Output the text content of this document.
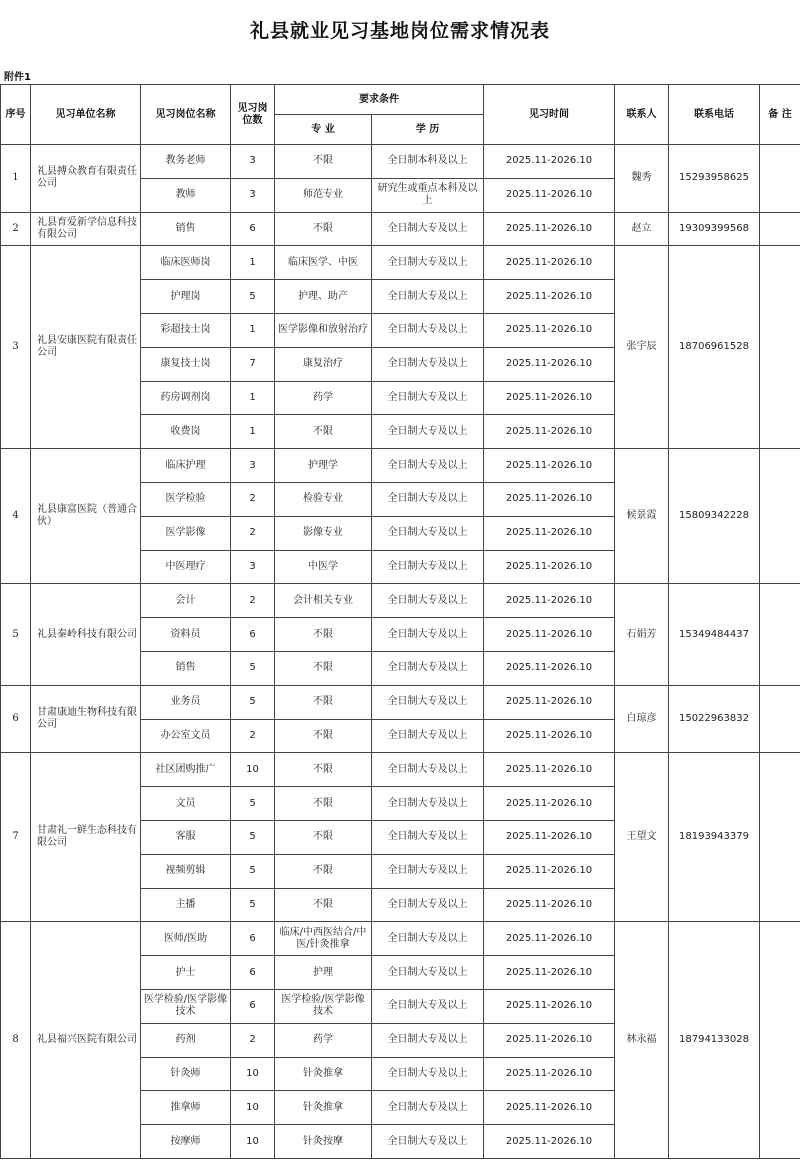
礼县就业见习基地岗位需求情况表
附件1
序号	见习单位名称	见习岗位名称	见习岗位数	要求条件		见习时间	联系人	联系电话	备 注
				专 业	学 历				
1	礼县搏众教育有限责任公司	教务老师	3	不限	全日制本科及以上	2025.11-2026.10	魏秀	15293958625	
		教师	3	师范专业	研究生或重点本科及以上	2025.11-2026.10			
2	礼县育爱新学信息科技有限公司	销售	6	不限	全日制大专及以上	2025.11-2026.10	赵立	19309399568	
3	礼县安康医院有限责任公司	临床医师岗	1	临床医学、中医	全日制大专及以上	2025.11-2026.10	张宇辰	18706961528	
		护理岗	5	护理、助产	全日制大专及以上	2025.11-2026.10			
		彩超技士岗	1	医学影像和放射治疗	全日制大专及以上	2025.11-2026.10			
		康复技士岗	7	康复治疗	全日制大专及以上	2025.11-2026.10			
		药房调剂岗	1	药学	全日制大专及以上	2025.11-2026.10			
		收费岗	1	不限	全日制大专及以上	2025.11-2026.10			
4	礼县康富医院（普通合伙）	临床护理	3	护理学	全日制大专及以上	2025.11-2026.10	候景霞	15809342228	
		医学检验	2	检验专业	全日制大专及以上	2025.11-2026.10			
		医学影像	2	影像专业	全日制大专及以上	2025.11-2026.10			
		中医理疗	3	中医学	全日制大专及以上	2025.11-2026.10			
5	礼县秦岭科技有限公司	会计	2	会计相关专业	全日制大专及以上	2025.11-2026.10	石娟芳	15349484437	
		资料员	6	不限	全日制大专及以上	2025.11-2026.10			
		销售	5	不限	全日制大专及以上	2025.11-2026.10			
6	甘肃康迪生物科技有限公司	业务员	5	不限	全日制大专及以上	2025.11-2026.10	白琼彦	15022963832	
		办公室文员	2	不限	全日制大专及以上	2025.11-2026.10			
7	甘肃礼一鲜生态科技有限公司	社区团购推广	10	不限	全日制大专及以上	2025.11-2026.10	王望文	18193943379	
		文员	5	不限	全日制大专及以上	2025.11-2026.10			
		客服	5	不限	全日制大专及以上	2025.11-2026.10			
		视频剪辑	5	不限	全日制大专及以上	2025.11-2026.10			
		主播	5	不限	全日制大专及以上	2025.11-2026.10			
8	礼县福兴医院有限公司	医师/医助	6	临床/中西医结合/中医/针灸推拿	全日制大专及以上	2025.11-2026.10	林永福	18794133028	
		护士	6	护理	全日制大专及以上	2025.11-2026.10			
		医学检验/医学影像技术	6	医学检验/医学影像技术	全日制大专及以上	2025.11-2026.10			
		药剂	2	药学	全日制大专及以上	2025.11-2026.10			
		针灸师	10	针灸推拿	全日制大专及以上	2025.11-2026.10			
		推拿师	10	针灸推拿	全日制大专及以上	2025.11-2026.10			
		按摩师	10	针灸按摩	全日制大专及以上	2025.11-2026.10			
